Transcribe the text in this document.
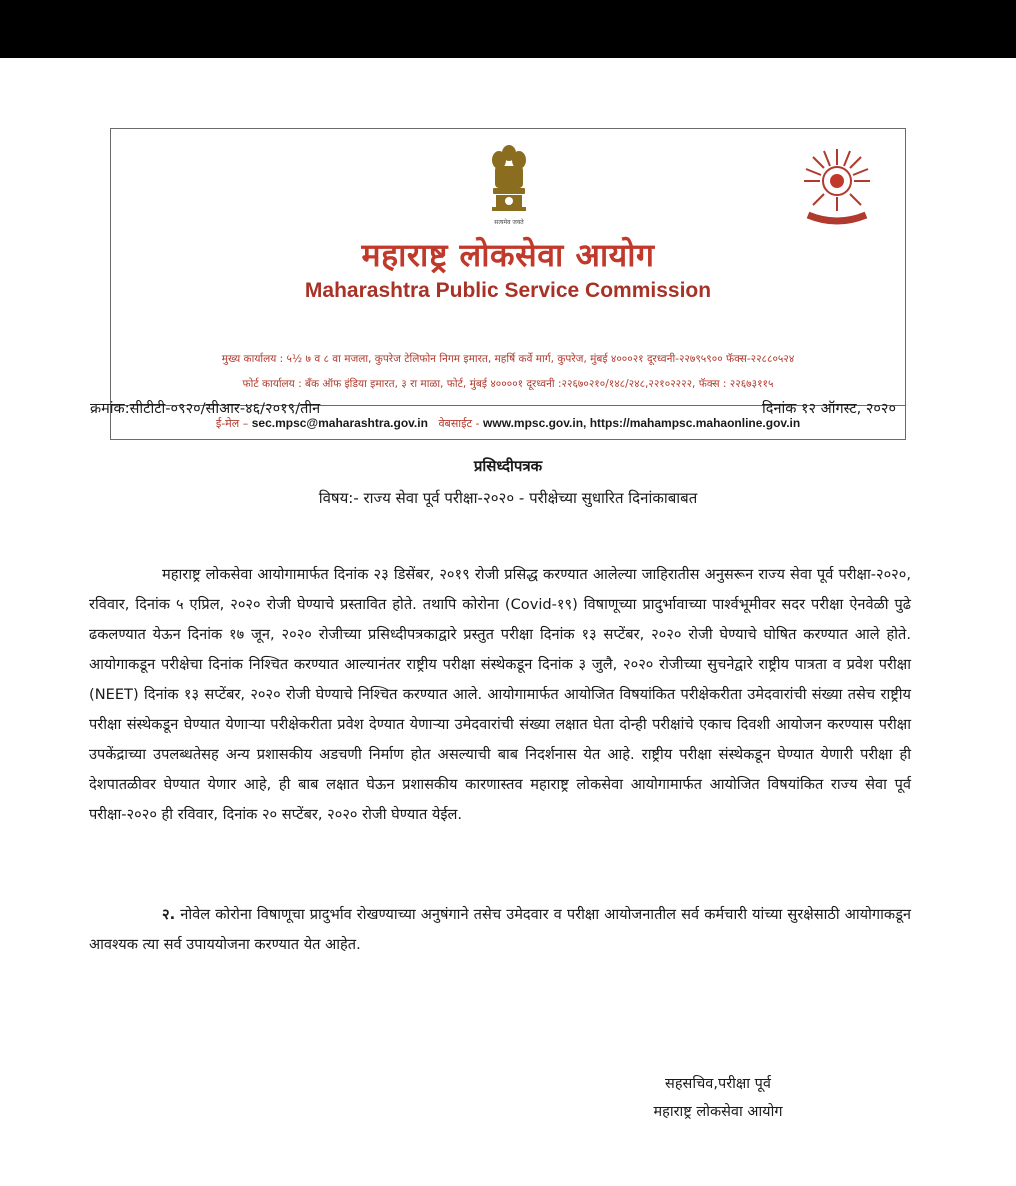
सत्यमेव जयते
महाराष्ट्र लोकसेवा आयोग
Maharashtra Public Service Commission
मुख्य कार्यालय : ५½ ७ व ८ वा मजला, कुपरेज टेलिफोन निगम इमारत, महर्षि कर्वे मार्ग, कुपरेज, मुंबई ४०००२१ दूरध्वनी-२२७९५९०० फॅक्स-२२८८०५२४
फोर्ट कार्यालय : बँक ऑफ इंडिया इमारत, ३ रा माळा, फोर्ट, मुंबई ४००००१ दूरध्वनी :२२६७०२१०/१४८/२४८,२२१०२२२२, फॅक्स : २२६७३११५
ई-मेल – sec.mpsc@maharashtra.gov.in वेबसाईट - www.mpsc.gov.in, https://mahampsc.mahaonline.gov.in
क्रमांक:सीटीटी-०९२०/सीआर-४६/२०१९/तीन	दिनांक १२ ऑगस्ट, २०२०
प्रसिध्दीपत्रक
विषय:- राज्य सेवा पूर्व परीक्षा-२०२० - परीक्षेच्या सुधारित दिनांकाबाबत

महाराष्ट्र लोकसेवा आयोगामार्फत दिनांक २३ डिसेंबर, २०१९ रोजी प्रसिद्ध करण्यात आलेल्या जाहिरातीस अनुसरून राज्य सेवा पूर्व परीक्षा-२०२०, रविवार, दिनांक ५ एप्रिल, २०२० रोजी घेण्याचे प्रस्तावित होते. तथापि कोरोना (Covid-१९) विषाणूच्या प्रादुर्भावाच्या पार्श्वभूमीवर सदर परीक्षा ऐनवेळी पुढे ढकलण्यात येऊन दिनांक १७ जून, २०२० रोजीच्या प्रसिध्दीपत्रकाद्वारे प्रस्तुत परीक्षा दिनांक १३ सप्टेंबर, २०२० रोजी घेण्याचे घोषित करण्यात आले होते. आयोगाकडून परीक्षेचा दिनांक निश्चित करण्यात आल्यानंतर राष्ट्रीय परीक्षा संस्थेकडून दिनांक ३ जुलै, २०२० रोजीच्या सुचनेद्वारे राष्ट्रीय पात्रता व प्रवेश परीक्षा (NEET) दिनांक १३ सप्टेंबर, २०२० रोजी घेण्याचे निश्चित करण्यात आले. आयोगामार्फत आयोजित विषयांकित परीक्षेकरीता उमेदवारांची संख्या तसेच राष्ट्रीय परीक्षा संस्थेकडून घेण्यात येणाऱ्या परीक्षेकरीता प्रवेश देण्यात येणाऱ्या उमेदवारांची संख्या लक्षात घेता दोन्ही परीक्षांचे एकाच दिवशी आयोजन करण्यास परीक्षा उपकेंद्राच्या उपलब्धतेसह अन्य प्रशासकीय अडचणी निर्माण होत असल्याची बाब निदर्शनास येत आहे. राष्ट्रीय परीक्षा संस्थेकडून घेण्यात येणारी परीक्षा ही देशपातळीवर घेण्यात येणार आहे, ही बाब लक्षात घेऊन प्रशासकीय कारणास्तव महाराष्ट्र लोकसेवा आयोगामार्फत आयोजित विषयांकित राज्य सेवा पूर्व परीक्षा-२०२० ही रविवार, दिनांक २० सप्टेंबर, २०२० रोजी घेण्यात येईल.

२. नोवेल कोरोना विषाणूचा प्रादुर्भाव रोखण्याच्या अनुषंगाने तसेच उमेदवार व परीक्षा आयोजनातील सर्व कर्मचारी यांच्या सुरक्षेसाठी आयोगाकडून आवश्यक त्या सर्व उपाययोजना करण्यात येत आहेत.

सहसचिव,परीक्षा पूर्व
महाराष्ट्र लोकसेवा आयोग
